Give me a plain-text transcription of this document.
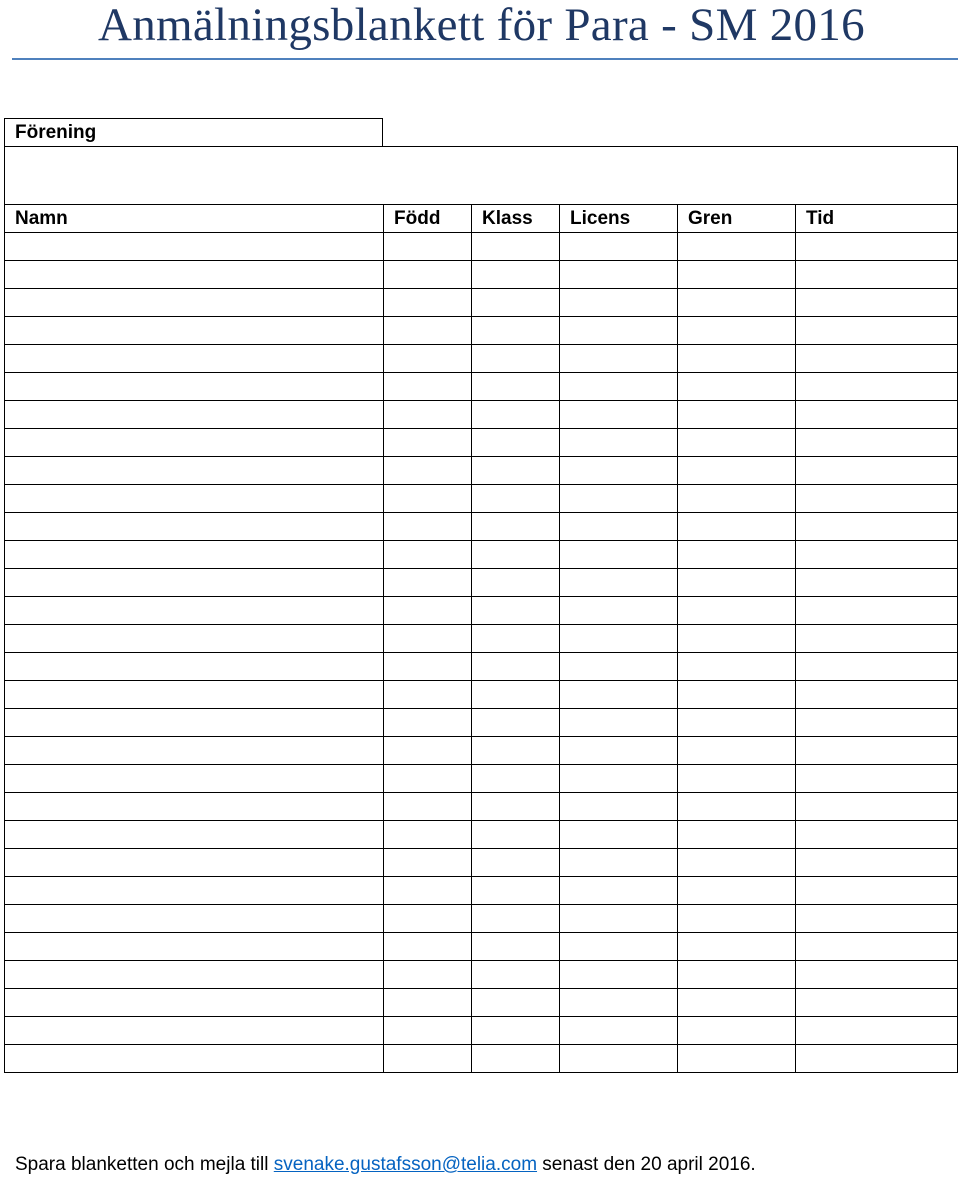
Anmälningsblankett för Para - SM 2016
Förening

Namn	Född	Klass	Licens	Gren	Tid

Spara blanketten och mejla till svenake.gustafsson@telia.com senast den 20 april 2016.
